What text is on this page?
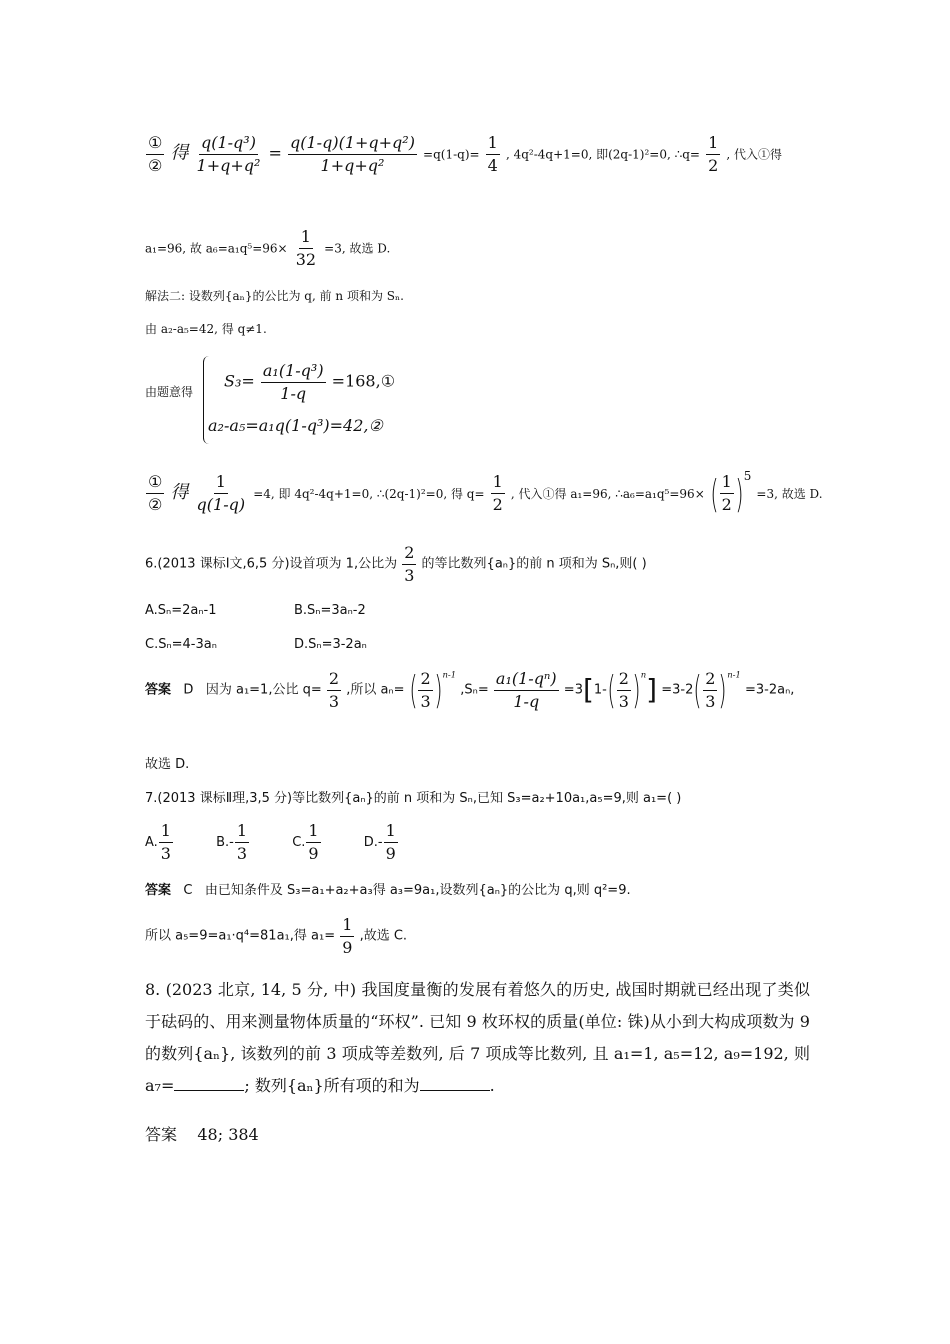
①
②
得 $\frac{\text{q(1-q³)}}{\text{1+q+q²}} = \frac{\text{q(1-q)(1+q+q²)}}{\text{1+q+q²}} =q(1-q)= \frac{1}{4}$ , 4q²-4q+1=0, 即(2q-1)²=0, ∴q= $\frac{1}{2}$ , 代入①得
a₁=96, 故 $a_6=a_1q^5=96\times \frac{1}{32} =3$, 故选 D.
解法二: 设数列{aₙ}的公比为 q, 前 n 项和为 Sₙ.
由 a₂-a₅=42, 得 q≠1.
由题意得
$S_3= \frac{\text{a₁(1-q³)}}{1-q}$ =168,①
a₂-a₅=a₁q(1-q³)=42,②
①
②
得 $\frac{1}{q(1-q)} =4$, 即 4q²-4q+1=0, ∴(2q-1)²=0, 得 $q= \frac{1}{2}$ , 代入①得 a₁=96, ∴a₆=a₁q⁵=96× ( $\frac{1}{2} )^5 =3$, 故选 D.
6.(2013 课标Ⅰ文,6,5 分)设首项为 1,公比为 $\frac{2}{3}$ 的等比数列{aₙ}的前 n 项和为 Sₙ,则( )
A.Sₙ=2aₙ-1	B.Sₙ=3aₙ-2
C.Sₙ=4-3aₙ	D.Sₙ=3-2aₙ
答案 D 因为 a₁=1,公比 $q= \frac{2}{3}$ ,所以 aₙ= ( $\frac{2}{3} )^{n-1}$ $,S_n= \frac{\text{a₁(1-qⁿ)}}{1-q} =3[1-( \frac{2}{3} )^n] =3-2( \frac{2}{3} )^{n-1} =3-2a_n$,
故选 D.
7.(2013 课标Ⅱ理,3,5 分)等比数列{aₙ}的前 n 项和为 Sₙ,已知 S₃=a₂+10a₁,a₅=9,则 a₁=( )
A. $\frac{1}{3}$	$B.- \frac{1}{3}$	C. $\frac{1}{9}$	$D.- \frac{1}{9}$
答案 C 由已知条件及 S₃=a₁+a₂+a₃得 a₃=9a₁,设数列{aₙ}的公比为 q,则 q²=9.
所以 a₅=9=a₁·q⁴=81a₁,得 $a_1= \frac{1}{9}$ ,故选 C.
8. (2023 北京, 14, 5 分, 中) 我国度量衡的发展有着悠久的历史, 战国时期就已经出现了类似于砝码的、用来测量物体质量的“环权”. 已知 9 枚环权的质量(单位: 铢)从小到大构成项数为 9 的数列{aₙ}, 该数列的前 3 项成等差数列, 后 7 项成等比数列, 且 a₁=1, a₅=12, a₉=192, 则 a₇=	; 数列{aₙ}所有项的和为	.
答案 48; 384
